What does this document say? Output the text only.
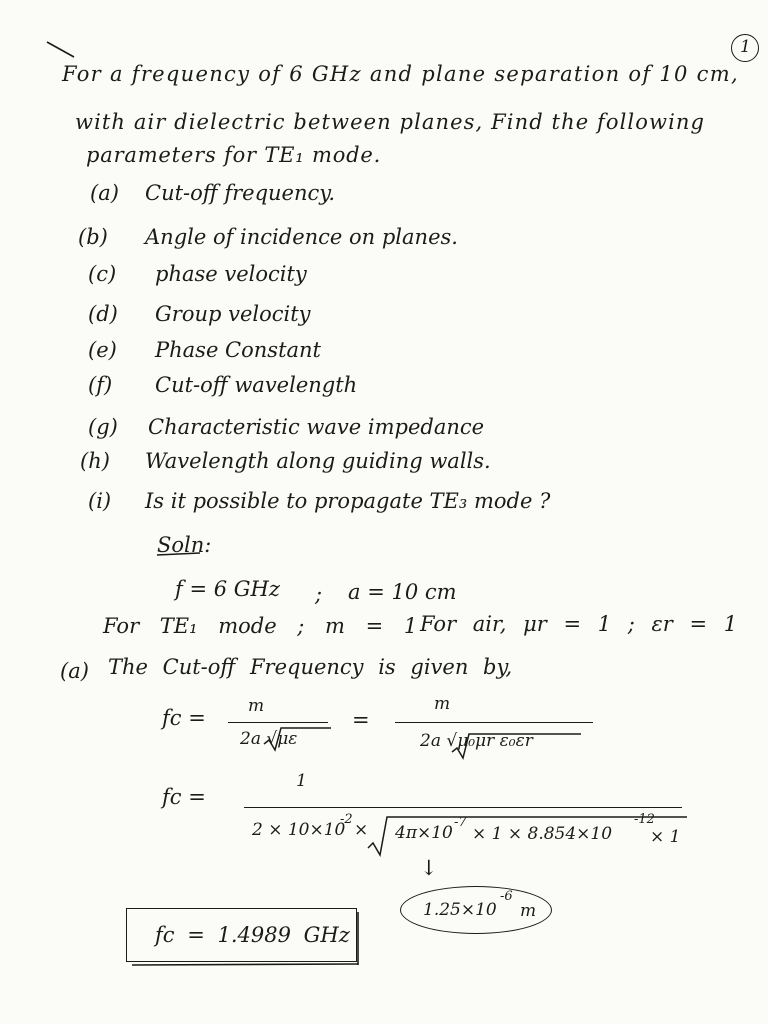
1
For a frequency of 6 GHz and plane separation of 10 cm,
with air dielectric between planes, Find the following
parameters for TE₁ mode.
(a) Cut-off frequency.
(b) Angle of incidence on planes.
(c) phase velocity
(d) Group velocity
(e) Phase Constant
(f) Cut-off wavelength
(g) Characteristic wave impedance
(h) Wavelength along guiding walls.
(i) Is it possible to propagate TE₃ mode ?
Soln:
f = 6 GHz ; a = 10 cm
For TE₁ mode ; m = 1 For air, μr = 1 ; εr = 1
(a) The Cut-off Frequency is given by,
fc = m
2a √με
=
m
2a √μ₀μr ε₀εr
fc =
1
2 × 10×10
-2
× 4π×10
-7
× 1 × 8.854×10
-12
× 1
↓
1.25×10
-6
m
fc = 1.4989 GHz
